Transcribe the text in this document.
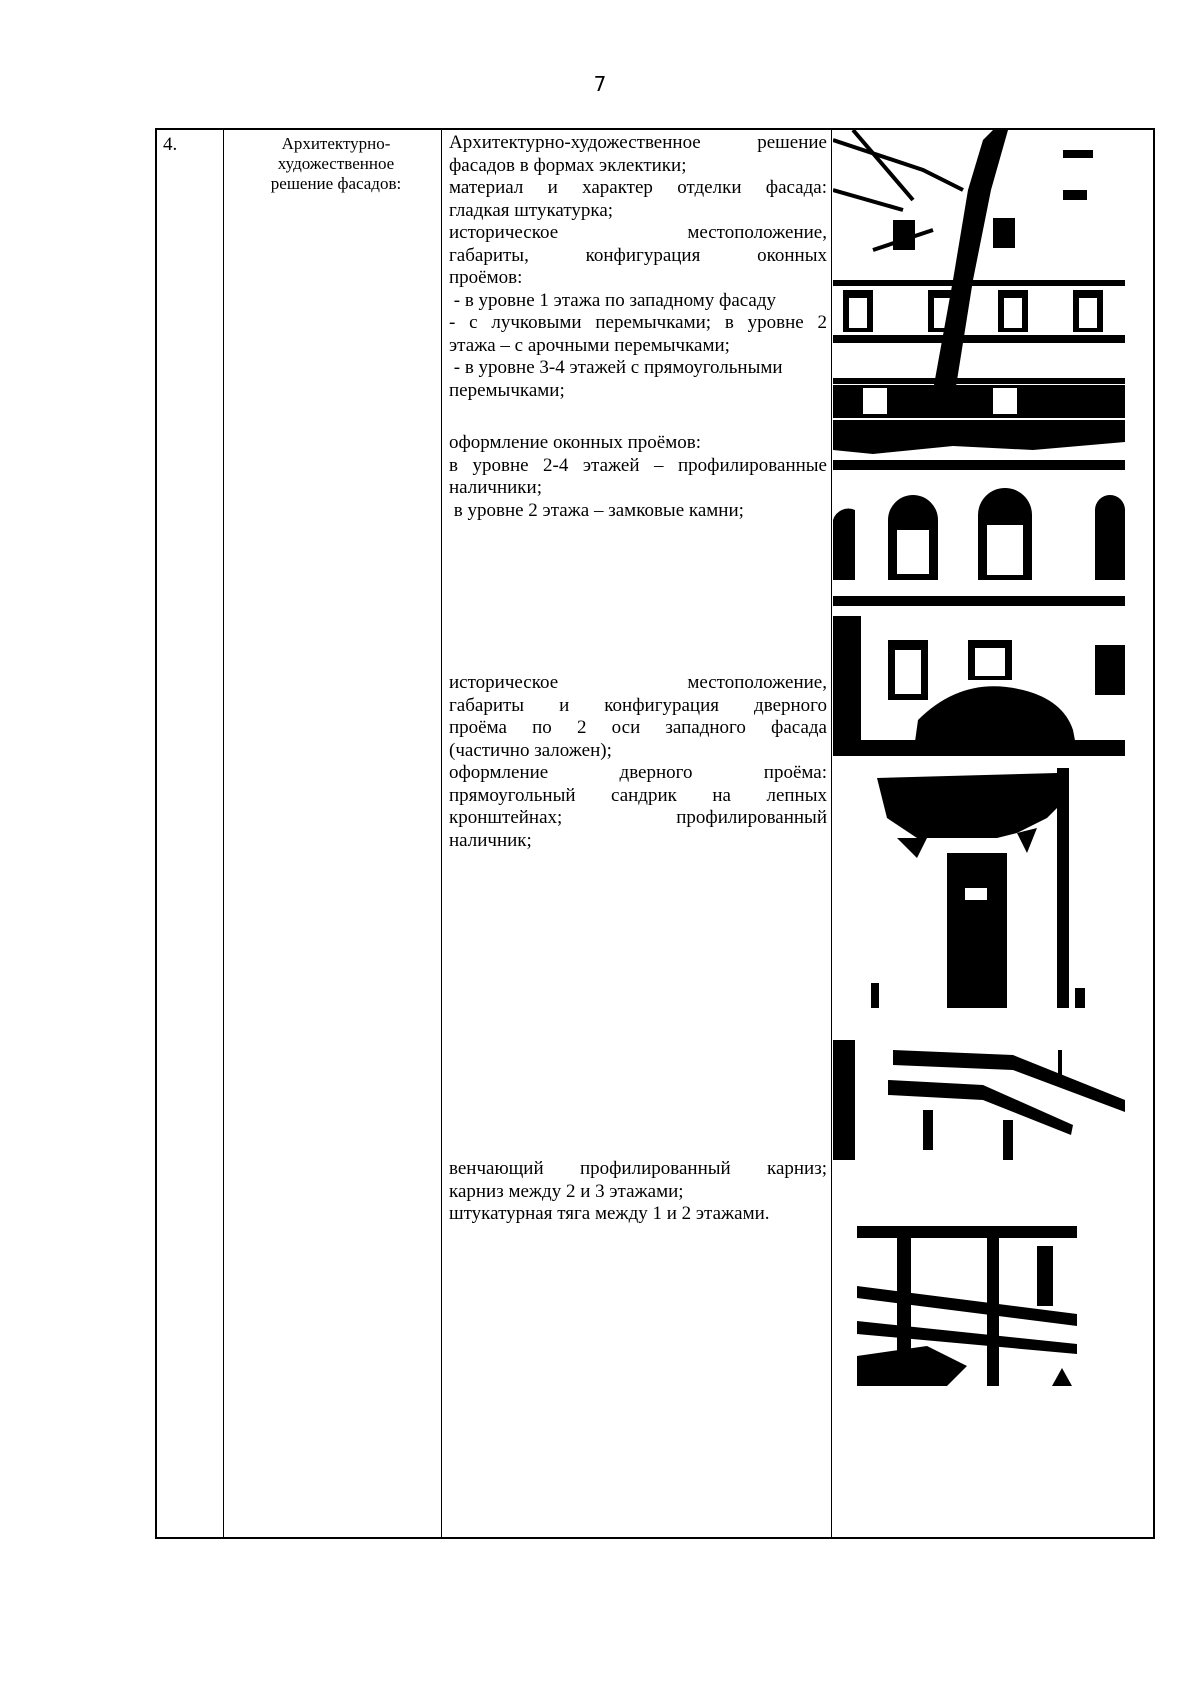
7
4.	Архитектурно-
художественное
решение фасадов:

Архитектурно-художественное решение

фасадов в формах эклектики;

материал и характер отделки фасада:

гладкая штукатурка;

историческое местоположение,

габариты, конфигурация оконных

проёмов:

- в уровне 1 этажа по западному фасаду

- с лучковыми перемычками; в уровне 2

этажа – с арочными перемычками;

- в уровне 3-4 этажей с прямоугольными

перемычками;

оформление оконных проёмов:

в уровне 2-4 этажей – профилированные

наличники;

в уровне 2 этажа – замковые камни;

историческое местоположение,

габариты и конфигурация дверного

проёма по 2 оси западного фасада

(частично заложен);

оформление дверного проёма:

прямоугольный сандрик на лепных

кронштейнах; профилированный

наличник;

венчающий профилированный карниз;

карниз между 2 и 3 этажами;

штукатурная тяга между 1 и 2 этажами.
